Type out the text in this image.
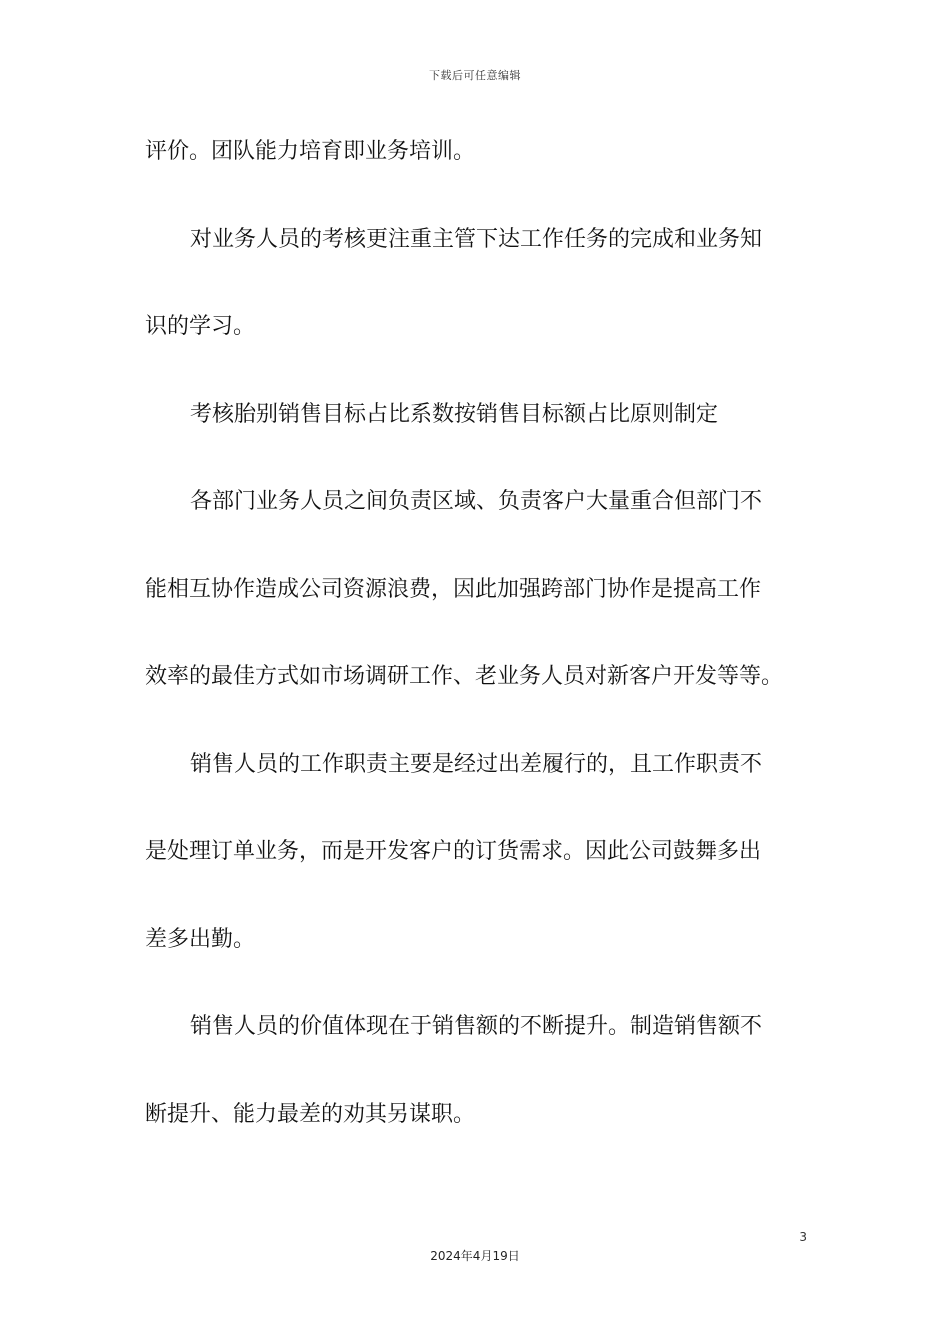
下载后可任意编辑
评价。团队能力培育即业务培训。
对业务人员的考核更注重主管下达工作任务的完成和业务知
识的学习。
考核胎别销售目标占比系数按销售目标额占比原则制定
各部门业务人员之间负责区域、负责客户大量重合但部门不
能相互协作造成公司资源浪费，因此加强跨部门协作是提高工作
效率的最佳方式如市场调研工作、老业务人员对新客户开发等等。
销售人员的工作职责主要是经过出差履行的，且工作职责不
是处理订单业务，而是开发客户的订货需求。因此公司鼓舞多出
差多出勤。
销售人员的价值体现在于销售额的不断提升。制造销售额不
断提升、能力最差的劝其另谋职。
3
2024年4月19日
